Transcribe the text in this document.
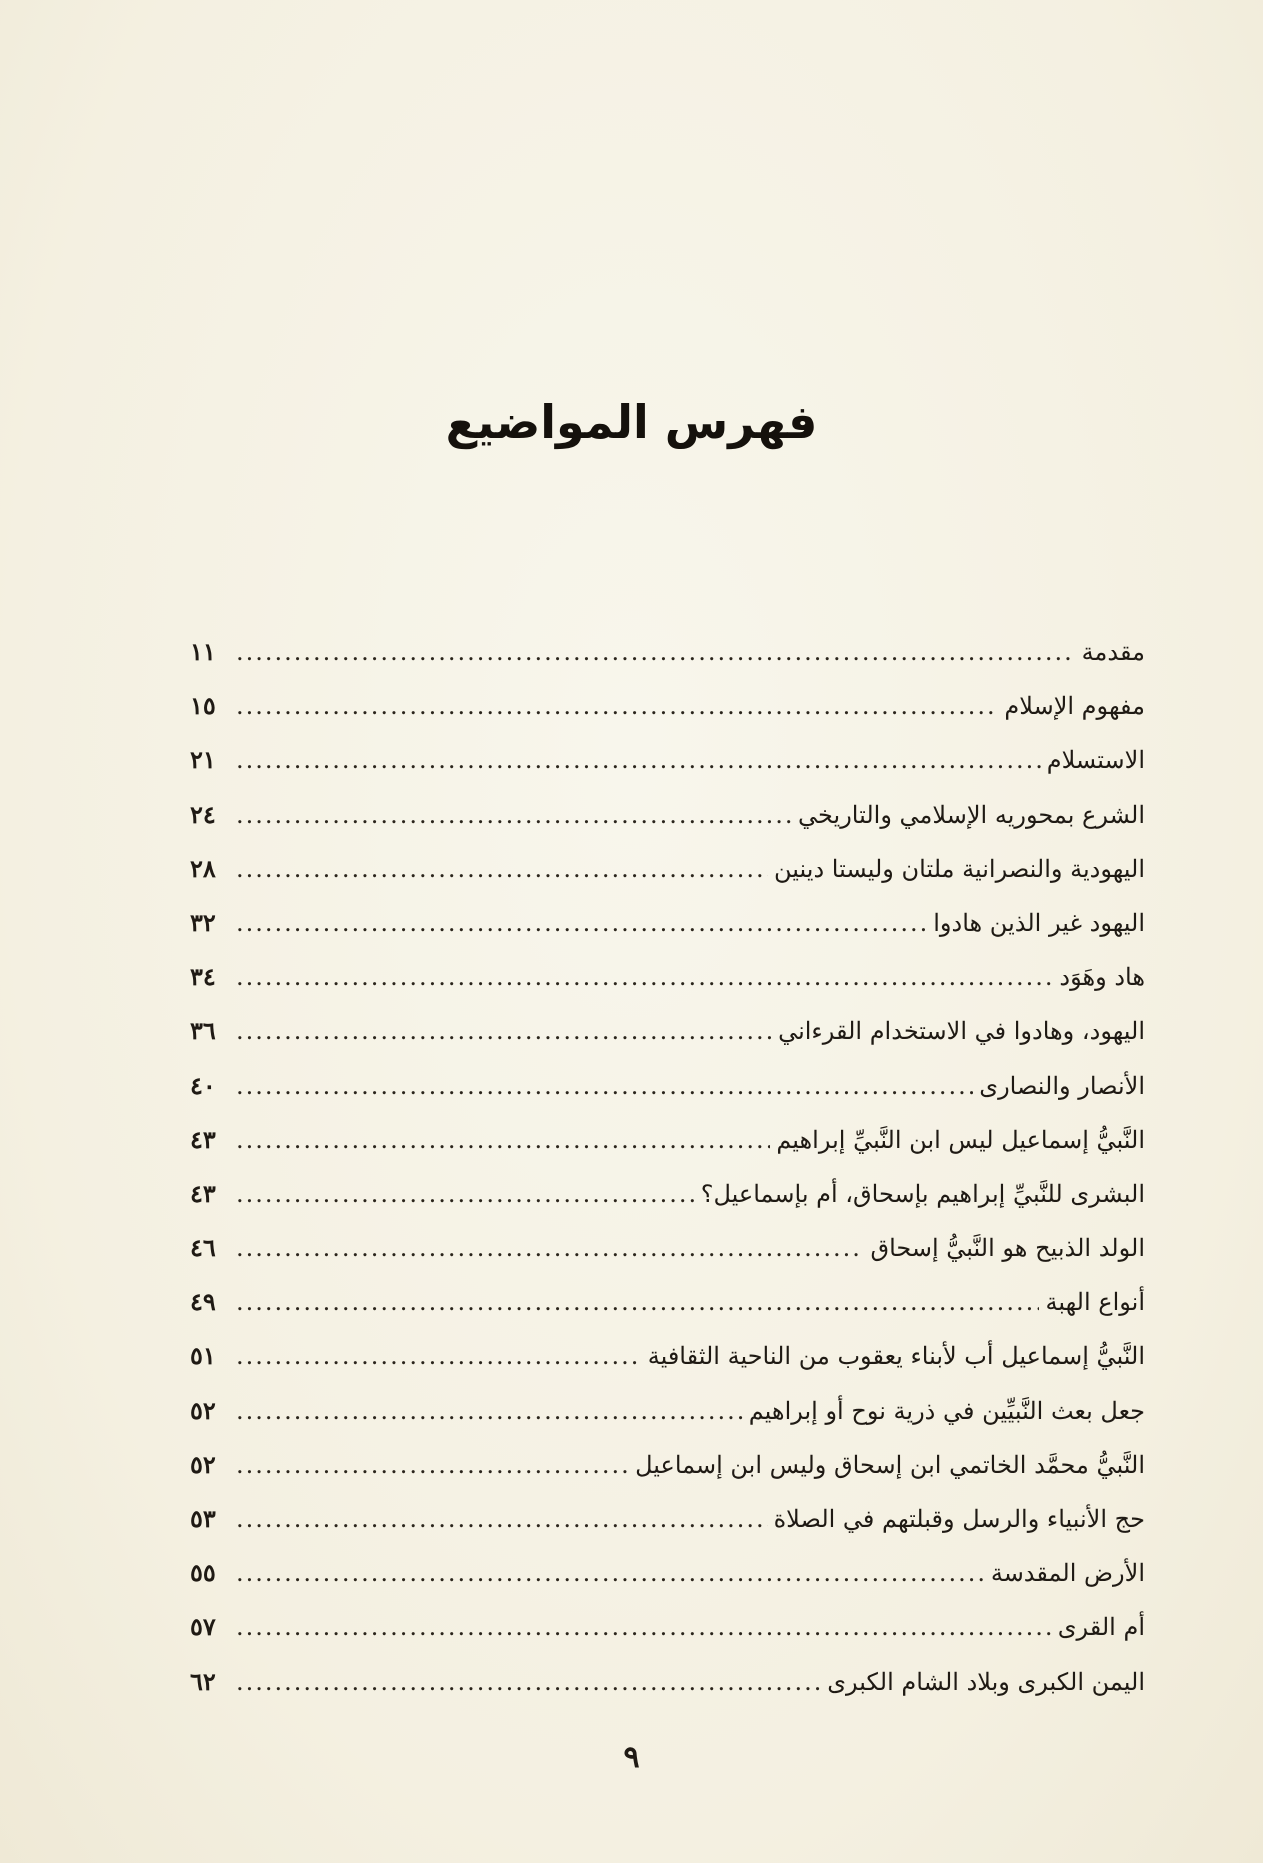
فهرس المواضيع
مقدمة
.....
١١
مفهوم الإسلام
.....
١٥
الاستسلام
.....
٢١
الشرع بمحوريه الإسلامي والتاريخي
.....
٢٤
اليهودية والنصرانية ملتان وليستا دينين
.....
٢٨
اليهود غير الذين هادوا
.....
٣٢
هاد وهَوَد
.....
٣٤
اليهود، وهادوا في الاستخدام القرءاني
.....
٣٦
الأنصار والنصارى
.....
٤٠
النَّبيُّ إسماعيل ليس ابن النَّبيِّ إبراهيم
.....
٤٣
البشرى للنَّبيِّ إبراهيم بإسحاق، أم بإسماعيل؟
.....
٤٣
الولد الذبيح هو النَّبيُّ إسحاق
.....
٤٦
أنواع الهبة
.....
٤٩
النَّبيُّ إسماعيل أب لأبناء يعقوب من الناحية الثقافية
.....
٥١
جعل بعث النَّبيِّين في ذرية نوح أو إبراهيم
.....
٥٢
النَّبيُّ محمَّد الخاتمي ابن إسحاق وليس ابن إسماعيل
.....
٥٢
حج الأنبياء والرسل وقبلتهم في الصلاة
.....
٥٣
الأرض المقدسة
.....
٥٥
أم القرى
.....
٥٧
اليمن الكبرى وبلاد الشام الكبرى
.....
٦٢
٩
